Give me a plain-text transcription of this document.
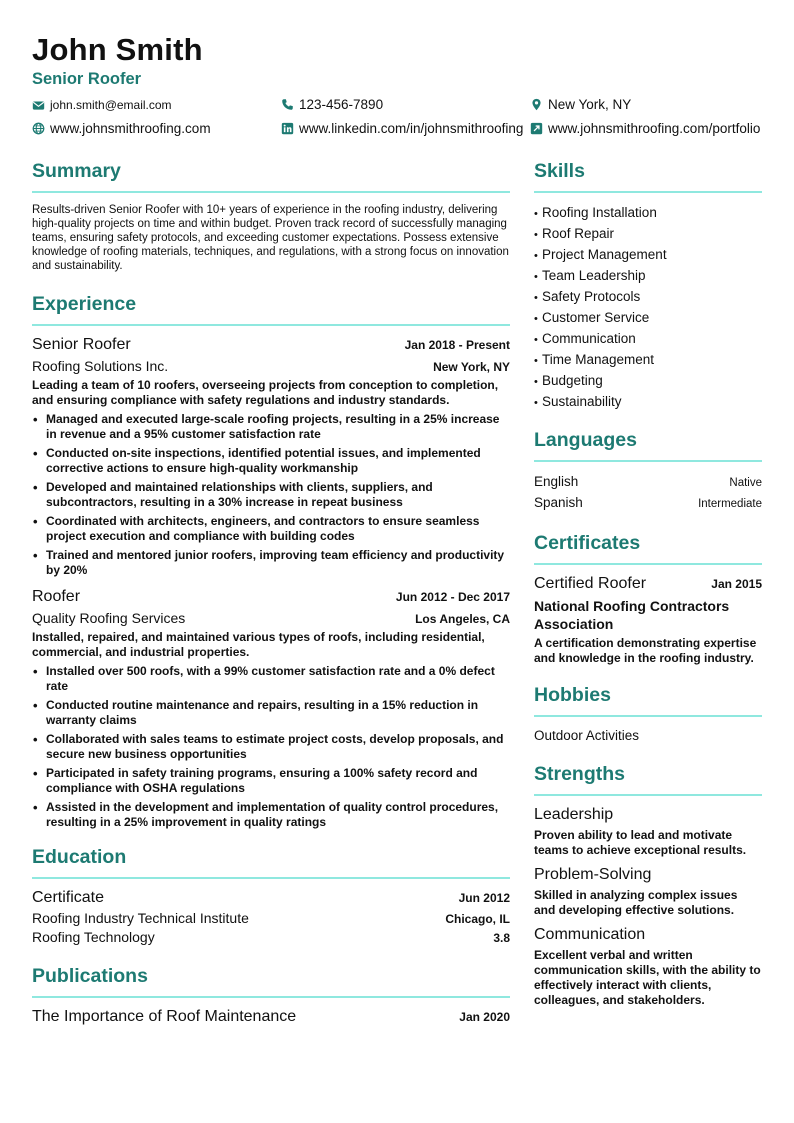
John Smith
Senior Roofer
john.smith@email.com	123-456-7890	New York, NY
www.johnsmithroofing.com	www.linkedin.com/in/johnsmithroofing www.johnsmithroofing.com/portfolio
Summary
Results-driven Senior Roofer with 10+ years of experience in the roofing industry, delivering high-quality projects on time and within budget. Proven track record of successfully managing teams, ensuring safety protocols, and exceeding customer expectations. Possess extensive knowledge of roofing materials, techniques, and regulations, with a strong focus on innovation and sustainability.
Experience
Senior Roofer	Jan 2018 - Present
Roofing Solutions Inc.	New York, NY
Leading a team of 10 roofers, overseeing projects from conception to completion, and ensuring compliance with safety regulations and industry standards.
• Managed and executed large-scale roofing projects, resulting in a 25% increase in revenue and a 95% customer satisfaction rate
• Conducted on-site inspections, identified potential issues, and implemented corrective actions to ensure high-quality workmanship
• Developed and maintained relationships with clients, suppliers, and subcontractors, resulting in a 30% increase in repeat business
• Coordinated with architects, engineers, and contractors to ensure seamless project execution and compliance with building codes
• Trained and mentored junior roofers, improving team efficiency and productivity by 20%
Roofer	Jun 2012 - Dec 2017
Quality Roofing Services	Los Angeles, CA
Installed, repaired, and maintained various types of roofs, including residential, commercial, and industrial properties.
• Installed over 500 roofs, with a 99% customer satisfaction rate and a 0% defect rate
• Conducted routine maintenance and repairs, resulting in a 15% reduction in warranty claims
• Collaborated with sales teams to estimate project costs, develop proposals, and secure new business opportunities
• Participated in safety training programs, ensuring a 100% safety record and compliance with OSHA regulations
• Assisted in the development and implementation of quality control procedures, resulting in a 25% improvement in quality ratings
Education
Certificate	Jun 2012
Roofing Industry Technical Institute	Chicago, IL
Roofing Technology	3.8
Publications
The Importance of Roof Maintenance	Jan 2020
Skills
• Roofing Installation
• Roof Repair
• Project Management
• Team Leadership
• Safety Protocols
• Customer Service
• Communication
• Time Management
• Budgeting
• Sustainability
Languages
English	Native
Spanish	Intermediate
Certificates
Certified Roofer	Jan 2015
National Roofing Contractors Association
A certification demonstrating expertise and knowledge in the roofing industry.
Hobbies
Outdoor Activities
Strengths
Leadership
Proven ability to lead and motivate teams to achieve exceptional results.
Problem-Solving
Skilled in analyzing complex issues and developing effective solutions.
Communication
Excellent verbal and written communication skills, with the ability to effectively interact with clients, colleagues, and stakeholders.
